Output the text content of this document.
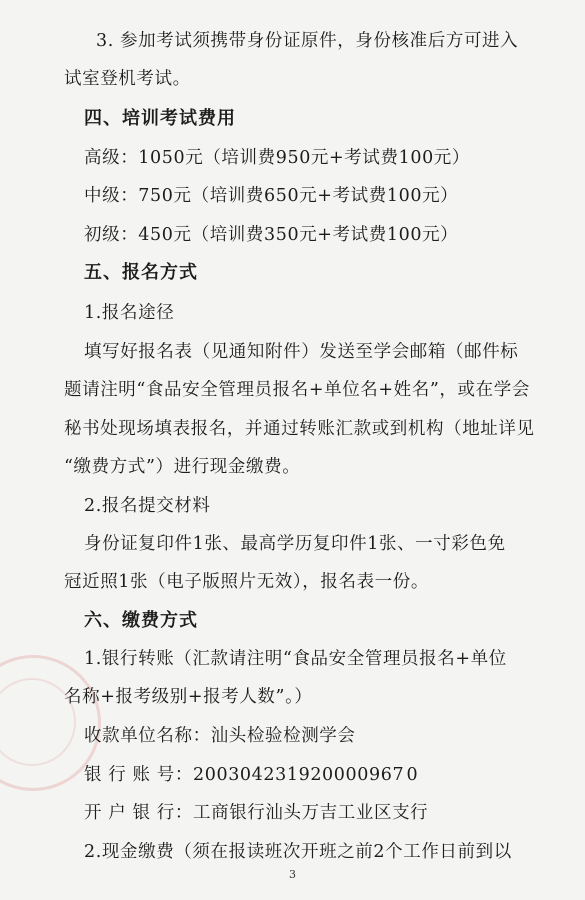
3. 参加考试须携带身份证原件，身份核准后方可进入
试室登机考试。
四、培训考试费用
高级：1050元（培训费950元+考试费100元）
中级：750元（培训费650元+考试费100元）
初级：450元（培训费350元+考试费100元）
五、报名方式
1.报名途径
填写好报名表（见通知附件）发送至学会邮箱（邮件标
题请注明“食品安全管理员报名+单位名+姓名”，或在学会
秘书处现场填表报名，并通过转账汇款或到机构（地址详见
“缴费方式”）进行现金缴费。
2.报名提交材料
身份证复印件1张、最高学历复印件1张、一寸彩色免
冠近照1张（电子版照片无效），报名表一份。
六、缴费方式
1.银行转账（汇款请注明“食品安全管理员报名+单位
名称+报考级别+报考人数”。）
收款单位名称：汕头检验检测学会
银 行 账 号：200304231920000967 0
开 户 银 行：工商银行汕头万吉工业区支行
2.现金缴费（须在报读班次开班之前2个工作日前到以
3
